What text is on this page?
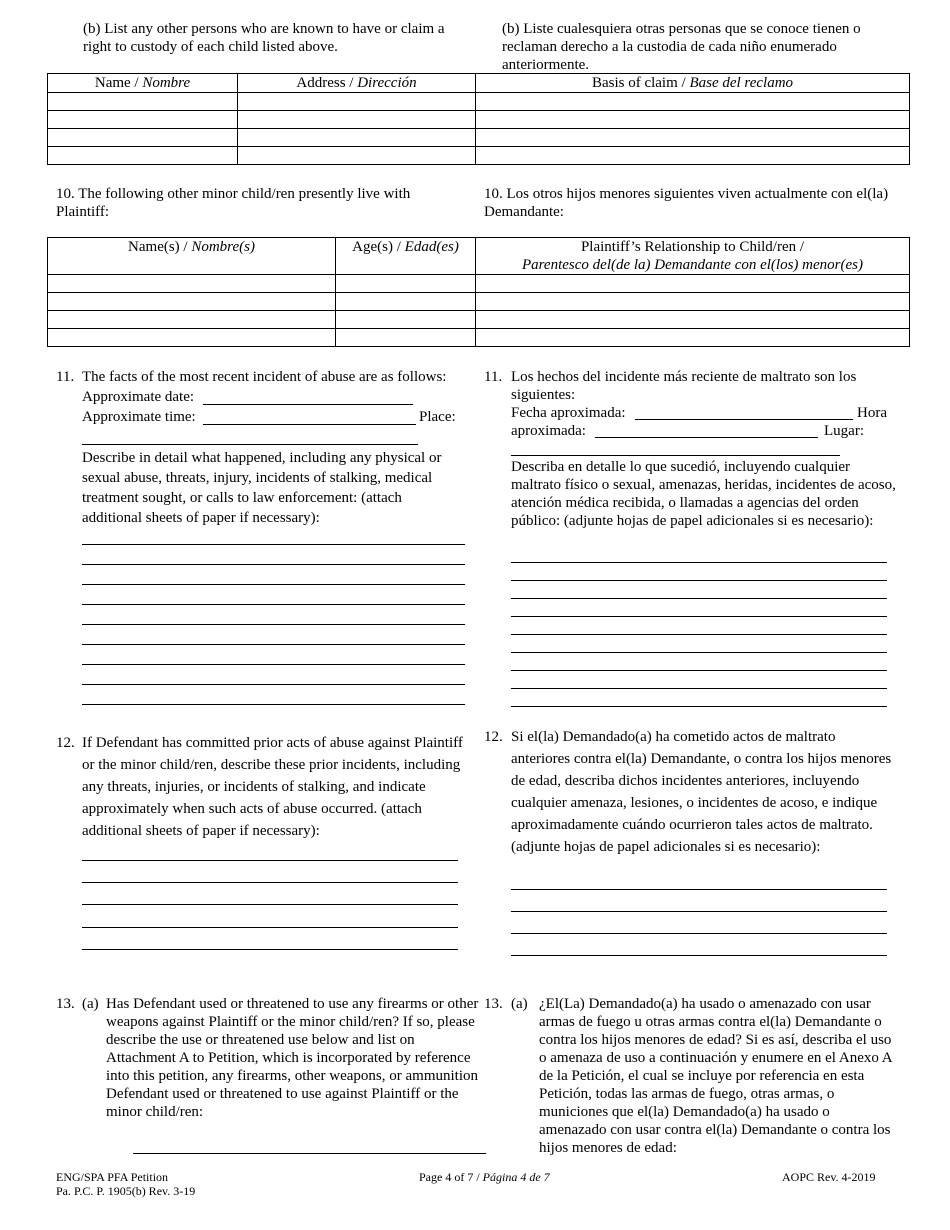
(b) List any other persons who are known to have or claim a right to custody of each child listed above.
(b) Liste cualesquiera otras personas que se conoce tienen o reclaman derecho a la custodia de cada niño enumerado anteriormente.
Name / Nombre	Address / Dirección	Basis of claim / Base del reclamo

10. The following other minor child/ren presently live with Plaintiff:
10. Los otros hijos menores siguientes viven actualmente con el(la) Demandante:
Name(s) / Nombre(s)	Age(s) / Edad(es)	Plaintiff’s Relationship to Child/ren /
Parentesco del(de la) Demandante con el(los) menor(es)

11. The facts of the most recent incident of abuse are as follows:
Approximate date:
Approximate time:	Place:
Describe in detail what happened, including any physical or sexual abuse, threats, injury, incidents of stalking, medical treatment sought, or calls to law enforcement: (attach additional sheets of paper if necessary):
11. Los hechos del incidente más reciente de maltrato son los siguientes:
Fecha aproximada:	Hora
aproximada:	Lugar:
Describa en detalle lo que sucedió, incluyendo cualquier maltrato físico o sexual, amenazas, heridas, incidentes de acoso, atención médica recibida, o llamadas a agencias del orden público: (adjunte hojas de papel adicionales si es necesario):
12. If Defendant has committed prior acts of abuse against Plaintiff or the minor child/ren, describe these prior incidents, including any threats, injuries, or incidents of stalking, and indicate approximately when such acts of abuse occurred. (attach additional sheets of paper if necessary):
12. Si el(la) Demandado(a) ha cometido actos de maltrato anteriores contra el(la) Demandante, o contra los hijos menores de edad, describa dichos incidentes anteriores, incluyendo cualquier amenaza, lesiones, o incidentes de acoso, e indique aproximadamente cuándo ocurrieron tales actos de maltrato. (adjunte hojas de papel adicionales si es necesario):
13. (a) Has Defendant used or threatened to use any firearms or other weapons against Plaintiff or the minor child/ren? If so, please describe the use or threatened use below and list on Attachment A to Petition, which is incorporated by reference into this petition, any firearms, other weapons, or ammunition Defendant used or threatened to use against Plaintiff or the minor child/ren:
13. (a) ¿El(La) Demandado(a) ha usado o amenazado con usar armas de fuego u otras armas contra el(la) Demandante o contra los hijos menores de edad? Si es así, describa el uso o amenaza de uso a continuación y enumere en el Anexo A de la Petición, el cual se incluye por referencia en esta Petición, todas las armas de fuego, otras armas, o municiones que el(la) Demandado(a) ha usado o amenazado con usar contra el(la) Demandante o contra los hijos menores de edad:
ENG/SPA PFA Petition
Pa. P.C. P. 1905(b) Rev. 3-19
Page 4 of 7 / Página 4 de 7	AOPC Rev. 4-2019
